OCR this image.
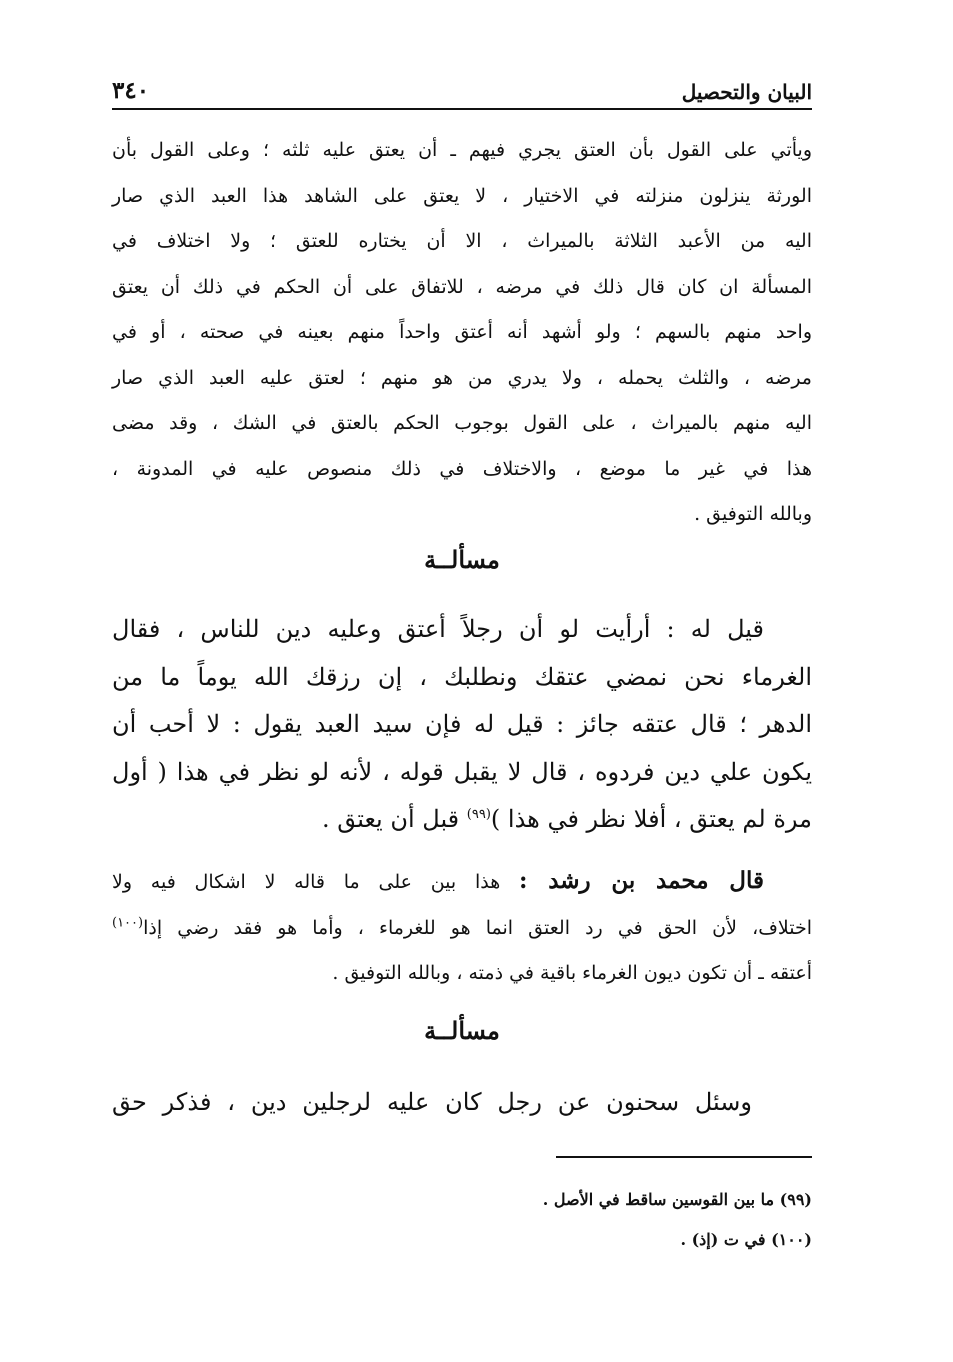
البيان والتحصيل
٣٤٠
ويأتي على القول بأن العتق يجري فيهم ـ أن يعتق عليه ثلثه ؛ وعلى القول بأن
الورثة ينزلون منزلته في الاختيار ، لا يعتق على الشاهد هذا العبد الذي صار
اليه من الأعبد الثلاثة بالميراث ، الا أن يختاره للعتق ؛ ولا اختلاف في
المسألة ان كان قال ذلك في مرضه ، للاتفاق على أن الحكم في ذلك أن يعتق
واحد منهم بالسهم ؛ ولو أشهد أنه أعتق واحداً منهم بعينه في صحته ، أو في
مرضه ، والثلث يحمله ، ولا يدري من هو منهم ؛ لعتق عليه العبد الذي صار
اليه منهم بالميراث ، على القول بوجوب الحكم بالعتق في الشك ، وقد مضى
هذا في غير ما موضع ، والاختلاف في ذلك منصوص عليه في المدونة ،
وبالله التوفيق .
مسألــة
قيل له : أرأيت لو أن رجلاً أعتق وعليه دين للناس ، فقال
الغرماء نحن نمضي عتقك ونطلبك ، إن رزقك الله يوماً ما من
الدهر ؛ قال عتقه جائز : قيل له فإن سيد العبد يقول : لا أحب أن
يكون علي دين فردوه ، قال لا يقبل قوله ، لأنه لو نظر في هذا ( أول
مرة لم يعتق ، أفلا نظر في هذا )$^{(٩٩)}$ قبل أن يعتق .
قال محمد بن رشد : هذا بين على ما قاله لا اشكال فيه ولا
اختلاف، لأن الحق في رد العتق انما هو للغرماء ، وأما هو فقد رضي إذا$^{(١٠٠)}$
أعتقه ـ أن تكون ديون الغرماء باقية في ذمته ، وبالله التوفيق .
مسألــة
وسئل سحنون عن رجل كان عليه لرجلين دين ، فذكر حق
(٩٩) ما بين القوسين ساقط في الأصل .
(١٠٠) في ت (إذ) .
